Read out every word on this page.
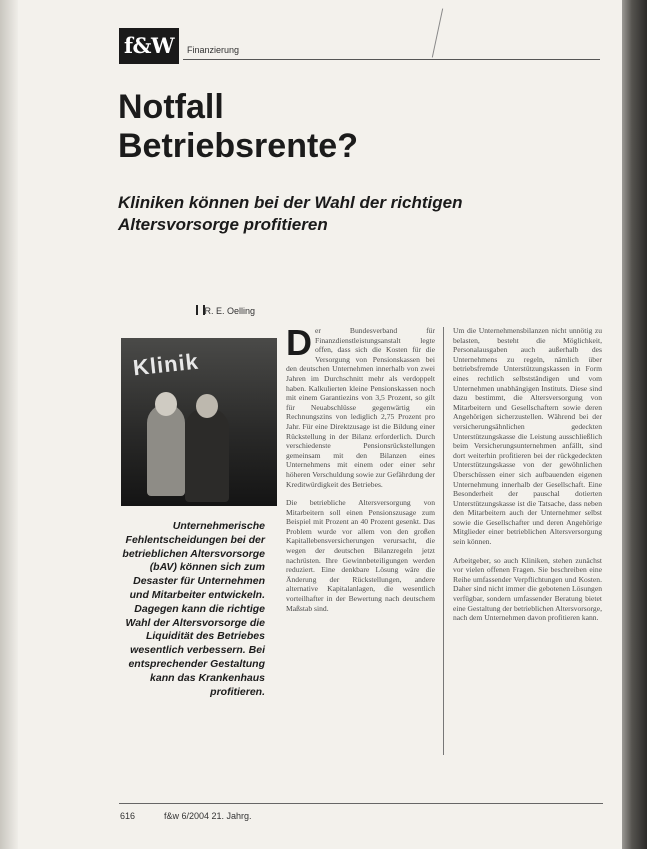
f&W	Finanzierung
Notfall
Betriebsrente?
Kliniken können bei der Wahl der richtigen
Altersvorsorge profitieren
R. E. Oelling
Klinik
Unternehmerische Fehlentscheidungen bei der betrieblichen Altersvorsorge (bAV) können sich zum Desaster für Unternehmen und Mitarbeiter entwickeln. Dagegen kann die richtige Wahl der Altersvorsorge die Liquidität des Betriebes wesentlich verbessern. Bei entsprechender Gestaltung kann das Krankenhaus profitieren.

Der Bundesverband für Finanzdienstleistungsanstalt legte offen, dass sich die Kosten für die Versorgung von Pensionskassen bei den deutschen Unternehmen innerhalb von zwei Jahren im Durchschnitt mehr als verdoppelt haben. Kalkulierten kleine Pensionskassen noch mit einem Garantiezins von 3,5 Prozent, so gilt für Neuabschlüsse gegenwärtig ein Rechnungszins von lediglich 2,75 Prozent pro Jahr. Für eine Direktzusage ist die Bildung einer Rückstellung in der Bilanz erforderlich. Durch verschiedenste Pensionsrückstellungen gemeinsam mit den Bilanzen eines Unternehmens mit einem oder einer sehr höheren Verschuldung sowie zur Gefährdung der Kreditwürdigkeit des Betriebes.

Die betriebliche Altersversorgung von Mitarbeitern soll einen Pensionszusage zum Beispiel mit Prozent an 40 Prozent gesenkt. Das Problem wurde vor allem von den großen Kapitallebensversicherungen verursacht, die wegen der deutschen Bilanzregeln jetzt nachrüsten. Ihre Gewinnbeteiligungen werden reduziert. Eine denkbare Lösung wäre die Änderung der Rückstellungen, andere alternative Kapitalanlagen, die wesentlich vorteilhafter in der Bewertung nach deutschem Maßstab sind.

Um die Unternehmensbilanzen nicht unnötig zu belasten, besteht die Möglichkeit, Personalausgaben auch außerhalb des Unternehmens zu regeln, nämlich über betriebsfremde Unterstützungskassen in Form eines rechtlich selbstständigen und vom Unternehmen unabhängigen Instituts. Diese sind dazu bestimmt, die Altersversorgung von Mitarbeitern und Gesellschaftern sowie deren Angehörigen sicherzustellen. Während bei der versicherungsähnlichen gedeckten Unterstützungskasse die Leistung ausschließlich beim Versicherungsunternehmen anfällt, sind dort weiterhin profitieren bei der rückgedeckten Unterstützungskasse von der gewöhnlichen Überschüssen einer sich aufbauenden eigenen Unternehmung innerhalb der Gesellschaft. Eine Besonderheit der pauschal dotierten Unterstützungskasse ist die Tatsache, dass neben den Mitarbeitern auch der Unternehmer selbst sowie die Gesellschafter und deren Angehörige Mitglieder einer betrieblichen Altersversorgung sein können.

Arbeitgeber, so auch Kliniken, stehen zunächst vor vielen offenen Fragen. Sie beschreiben eine Reihe umfassender Verpflichtungen und Kosten. Daher sind nicht immer die gebotenen Lösungen verfügbar, sondern umfassender Beratung bietet eine Gestaltung der betrieblichen Altersvorsorge, nach dem Unternehmen davon profitieren kann.

616	f&w 6/2004 21. Jahrg.
